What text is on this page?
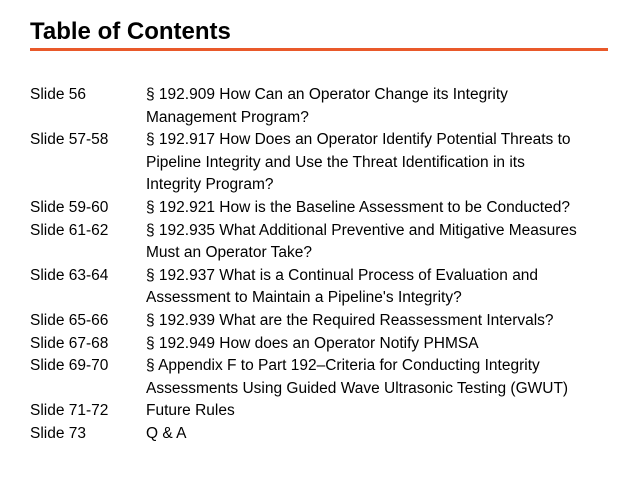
Table of Contents
Slide 56	§ 192.909 How Can an Operator Change its Integrity
Management Program?
Slide 57-58	§ 192.917 How Does an Operator Identify Potential Threats to
Pipeline Integrity and Use the Threat Identification in its
Integrity Program?
Slide 59-60	§ 192.921 How is the Baseline Assessment to be Conducted?
Slide 61-62	§ 192.935 What Additional Preventive and Mitigative Measures
Must an Operator Take?
Slide 63-64	§ 192.937 What is a Continual Process of Evaluation and
Assessment to Maintain a Pipeline's Integrity?
Slide 65-66	§ 192.939 What are the Required Reassessment Intervals?
Slide 67-68	§ 192.949 How does an Operator Notify PHMSA
Slide 69-70	§ Appendix F to Part 192–Criteria for Conducting Integrity
Assessments Using Guided Wave Ultrasonic Testing (GWUT)
Slide 71-72	Future Rules
Slide 73	Q & A
